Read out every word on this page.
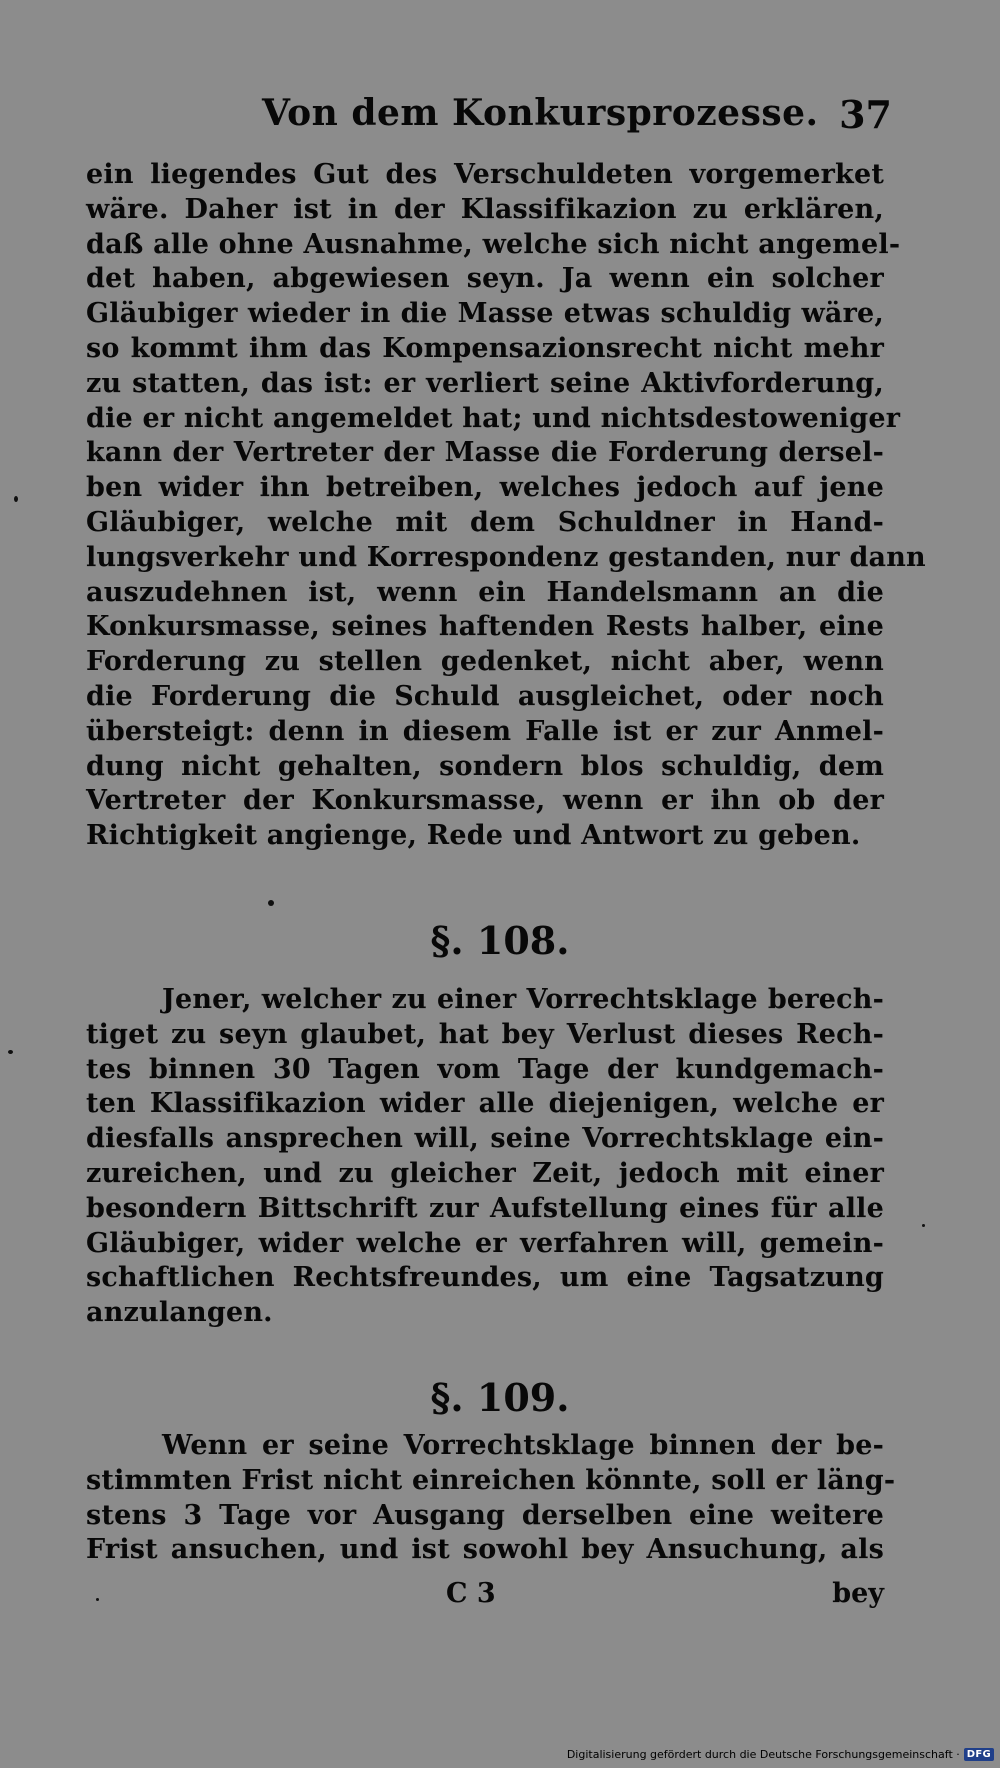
Von dem Konkursprozesse. 37
ein liegendes Gut des Verschuldeten vorgemerket
wäre. Daher ist in der Klassifikazion zu erklären,
daß alle ohne Ausnahme, welche sich nicht angemel-
det haben, abgewiesen seyn. Ja wenn ein solcher
Gläubiger wieder in die Masse etwas schuldig wäre,
so kommt ihm das Kompensazionsrecht nicht mehr
zu statten, das ist: er verliert seine Aktivforderung,
die er nicht angemeldet hat; und nichtsdestoweniger
kann der Vertreter der Masse die Forderung dersel-
ben wider ihn betreiben, welches jedoch auf jene
Gläubiger, welche mit dem Schuldner in Hand-
lungsverkehr und Korrespondenz gestanden, nur dann
auszudehnen ist, wenn ein Handelsmann an die
Konkursmasse, seines haftenden Rests halber, eine
Forderung zu stellen gedenket, nicht aber, wenn
die Forderung die Schuld ausgleichet, oder noch
übersteigt: denn in diesem Falle ist er zur Anmel-
dung nicht gehalten, sondern blos schuldig, dem
Vertreter der Konkursmasse, wenn er ihn ob der
Richtigkeit angienge, Rede und Antwort zu geben.
§. 108.
Jener, welcher zu einer Vorrechtsklage berech-
tiget zu seyn glaubet, hat bey Verlust dieses Rech-
tes binnen 30 Tagen vom Tage der kundgemach-
ten Klassifikazion wider alle diejenigen, welche er
diesfalls ansprechen will, seine Vorrechtsklage ein-
zureichen, und zu gleicher Zeit, jedoch mit einer
besondern Bittschrift zur Aufstellung eines für alle
Gläubiger, wider welche er verfahren will, gemein-
schaftlichen Rechtsfreundes, um eine Tagsatzung
anzulangen.
§. 109.
Wenn er seine Vorrechtsklage binnen der be-
stimmten Frist nicht einreichen könnte, soll er läng-
stens 3 Tage vor Ausgang derselben eine weitere
Frist ansuchen, und ist sowohl bey Ansuchung, als
C 3	bey
Digitalisierung gefördert durch die Deutsche Forschungsgemeinschaft · DFG
